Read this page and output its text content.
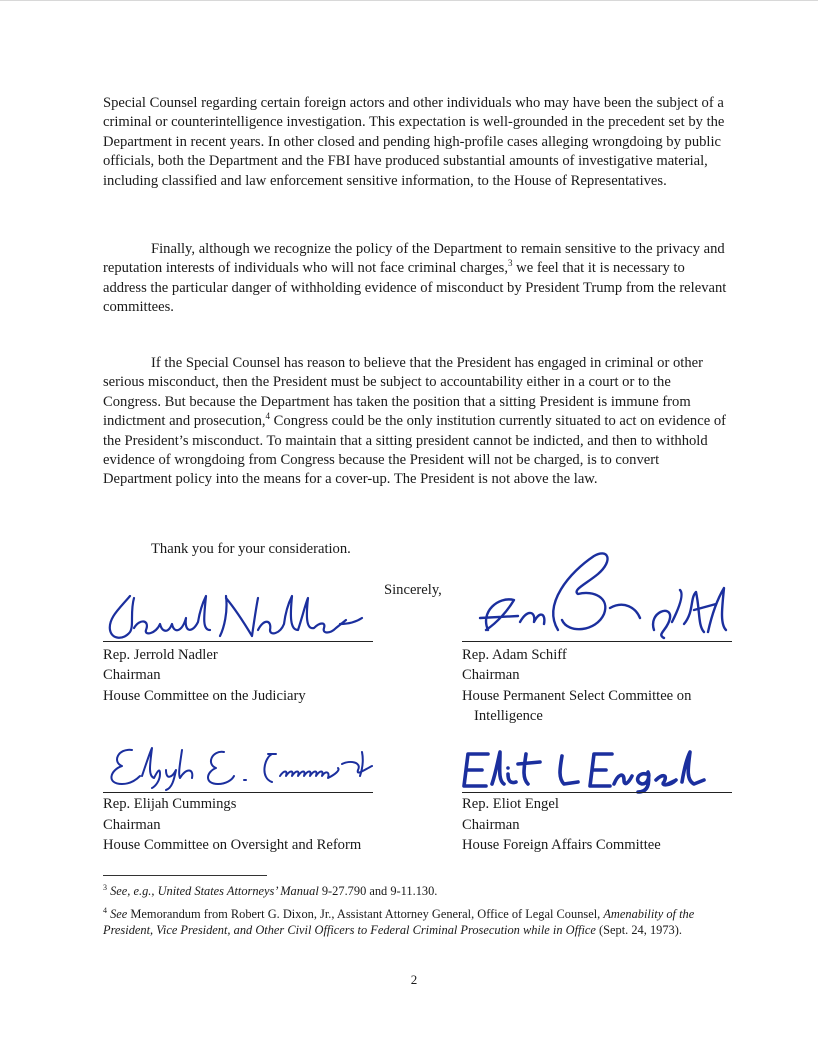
Special Counsel regarding certain foreign actors and other individuals who may have been the subject of a criminal or counterintelligence investigation. This expectation is well-grounded in the precedent set by the Department in recent years. In other closed and pending high-profile cases alleging wrongdoing by public officials, both the Department and the FBI have produced substantial amounts of investigative material, including classified and law enforcement sensitive information, to the House of Representatives.

Finally, although we recognize the policy of the Department to remain sensitive to the privacy and reputation interests of individuals who will not face criminal charges,$^3$ we feel that it is necessary to address the particular danger of withholding evidence of misconduct by President Trump from the relevant committees.

If the Special Counsel has reason to believe that the President has engaged in criminal or other serious misconduct, then the President must be subject to accountability either in a court or to the Congress. But because the Department has taken the position that a sitting President is immune from indictment and prosecution,$^4$ Congress could be the only institution currently situated to act on evidence of the President’s misconduct. To maintain that a sitting president cannot be indicted, and then to withhold evidence of wrongdoing from Congress because the President will not be charged, is to convert Department policy into the means for a cover-up. The President is not above the law.

Thank you for your consideration.

Sincerely,

Rep. Jerrold Nadler

Chairman

House Committee on the Judiciary

Rep. Adam Schiff

Chairman

House Permanent Select Committee on

Intelligence

Rep. Elijah Cummings

Chairman

House Committee on Oversight and Reform

Rep. Eliot Engel

Chairman

House Foreign Affairs Committee

$^3$ See, e.g., United States Attorneys’ Manual 9-27.790 and 9-11.130.

$^4$ See Memorandum from Robert G. Dixon, Jr., Assistant Attorney General, Office of Legal Counsel, Amenability of the President, Vice President, and Other Civil Officers to Federal Criminal Prosecution while in Office (Sept. 24, 1973).

2
